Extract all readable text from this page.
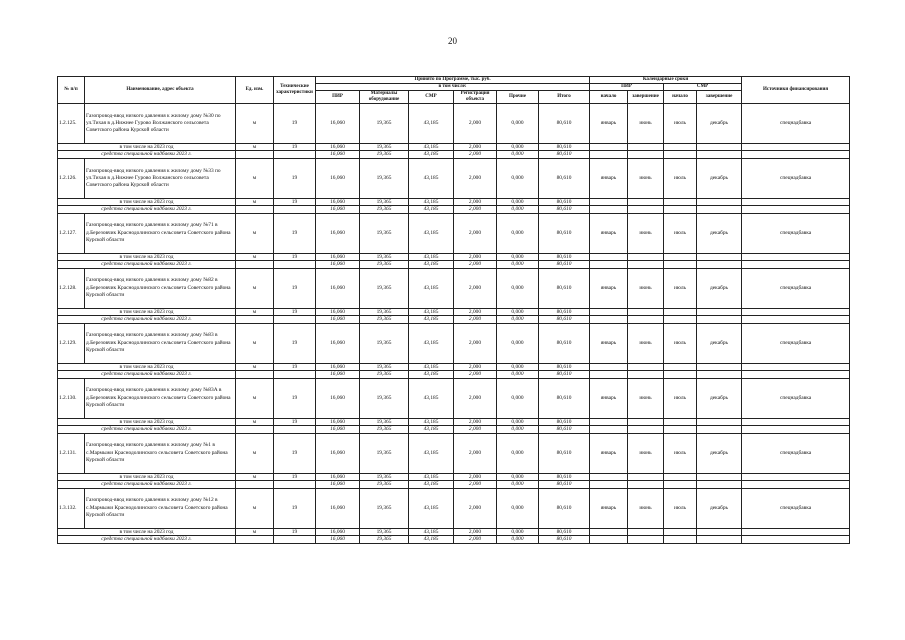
20
№ п/п	Наименование, адрес объекта	Ед. изм.	Технические характеристики	Принято по Программе, тыс. руб.						Календарные сроки				Источники финансирования
				в том числе:						ПИР		СМР		
				ПИР	Материалы оборудование	СМР	Регистрация объекта	Прочие	Итого	начало	завершение	начало	завершение	
1.2.125.	Газопровод-ввод низкого давления к жилому дому №30 по ул.Тихая в д.Нижнее Гурово Волжанского сельсовета Советского района Курской области	м	19	16,060	19,365	43,185	2,000	0,000	80,610	январь	июнь	июль	декабрь	спецнадбавка
в том числе на 2023 год		м	19	16,060	19,365	43,185	2,000	0,000	80,610					
средства специальной надбавки 2023 г.				16,060	19,365	43,185	2,000	0,000	80,610					
1.2.126.	Газопровод-ввод низкого давления к жилому дому №33 по ул.Тихая в д.Нижнее Гурово Волжанского сельсовета Советского района Курской области	м	19	16,060	19,365	43,185	2,000	0,000	80,610	январь	июнь	июль	декабрь	спецнадбавка
в том числе на 2023 год		м	19	16,060	19,365	43,185	2,000	0,000	80,610					
средства специальной надбавки 2023 г.				16,060	19,365	43,185	2,000	0,000	80,610					
1.2.127.	Газопровод-ввод низкого давления к жилому дому №71 в д.Березовчик Краснодолинского сельсовета Советского района Курской области	м	19	16,060	19,365	43,185	2,000	0,000	80,610	январь	июнь	июль	декабрь	спецнадбавка
в том числе на 2023 год		м	19	16,060	19,365	43,185	2,000	0,000	80,610					
средства специальной надбавки 2023 г.				16,060	19,365	43,185	2,000	0,000	80,610					
1.2.128.	Газопровод-ввод низкого давления к жилому дому №82 в д.Березовчик Краснодолинского сельсовета Советского района Курской области	м	19	16,060	19,365	43,185	2,000	0,000	80,610	январь	июнь	июль	декабрь	спецнадбавка
в том числе на 2023 год		м	19	16,060	19,365	43,185	2,000	0,000	80,610					
средства специальной надбавки 2023 г.				16,060	19,365	43,185	2,000	0,000	80,610					
1.2.129.	Газопровод-ввод низкого давления к жилому дому №83 в д.Березовчик Краснодолинского сельсовета Советского района Курской области	м	19	16,060	19,365	43,185	2,000	0,000	80,610	январь	июнь	июль	декабрь	спецнадбавка
в том числе на 2023 год		м	19	16,060	19,365	43,185	2,000	0,000	80,610					
средства специальной надбавки 2023 г.				16,060	19,365	43,185	2,000	0,000	80,610					
1.2.130.	Газопровод-ввод низкого давления к жилому дому №83А в д.Березовчик Краснодолинского сельсовета Советского района Курской области	м	19	16,060	19,365	43,185	2,000	0,000	80,610	январь	июнь	июль	декабрь	спецнадбавка
в том числе на 2023 год		м	19	16,060	19,365	43,185	2,000	0,000	80,610					
средства специальной надбавки 2023 г.				16,060	19,365	43,185	2,000	0,000	80,610					
1.2.131.	Газопровод-ввод низкого давления к жилому дому №1 в с.Мармыжи Краснодолинского сельсовета Советского района Курской области	м	19	16,060	19,365	43,185	2,000	0,000	80,610	январь	июнь	июль	декабрь	спецнадбавка
в том числе на 2023 год		м	19	16,060	19,365	43,185	2,000	0,000	80,610					
средства специальной надбавки 2023 г.				16,060	19,365	43,185	2,000	0,000	80,610					
1.3.132.	Газопровод-ввод низкого давления к жилому дому №12 в с.Мармыжи Краснодолинского сельсовета Советского района Курской области	м	19	16,060	19,365	43,185	2,000	0,000	80,610	январь	июнь	июль	декабрь	спецнадбавка
в том числе на 2023 год		м	19	16,060	19,365	43,185	2,000	0,000	80,610					
средства специальной надбавки 2023 г.				16,060	19,365	43,185	2,000	0,000	80,610					
